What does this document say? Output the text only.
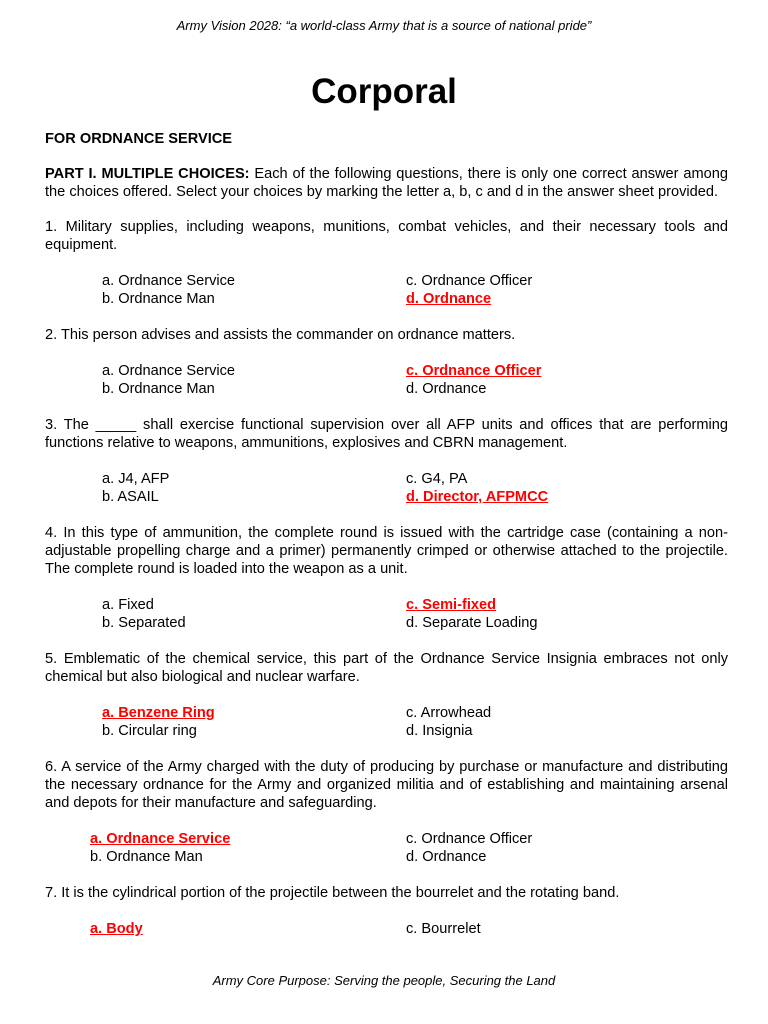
Army Vision 2028: “a world-class Army that is a source of national pride”
Corporal
FOR ORDNANCE SERVICE
PART I. MULTIPLE CHOICES: Each of the following questions, there is only one correct answer among the choices offered. Select your choices by marking the letter a, b, c and d in the answer sheet provided.
1. Military supplies, including weapons, munitions, combat vehicles, and their necessary tools and equipment.
a. Ordnance Service
b. Ordnance Man
c. Ordnance Officer
d. Ordnance
2. This person advises and assists the commander on ordnance matters.
a. Ordnance Service
b. Ordnance Man
c. Ordnance Officer
d. Ordnance
3. The _____ shall exercise functional supervision over all AFP units and offices that are performing functions relative to weapons, ammunitions, explosives and CBRN management.
a. J4, AFP
b. ASAIL
c. G4, PA
d. Director, AFPMCC
4. In this type of ammunition, the complete round is issued with the cartridge case (containing a non-adjustable propelling charge and a primer) permanently crimped or otherwise attached to the projectile. The complete round is loaded into the weapon as a unit.
a. Fixed
b. Separated
c. Semi-fixed
d. Separate Loading
5. Emblematic of the chemical service, this part of the Ordnance Service Insignia embraces not only chemical but also biological and nuclear warfare.
a. Benzene Ring
b. Circular ring
c. Arrowhead
d. Insignia
6. A service of the Army charged with the duty of producing by purchase or manufacture and distributing the necessary ordnance for the Army and organized militia and of establishing and maintaining arsenal and depots for their manufacture and safeguarding.
a. Ordnance Service
b. Ordnance Man
c. Ordnance Officer
d. Ordnance
7. It is the cylindrical portion of the projectile between the bourrelet and the rotating band.
a. Body	c. Bourrelet
Army Core Purpose: Serving the people, Securing the Land
